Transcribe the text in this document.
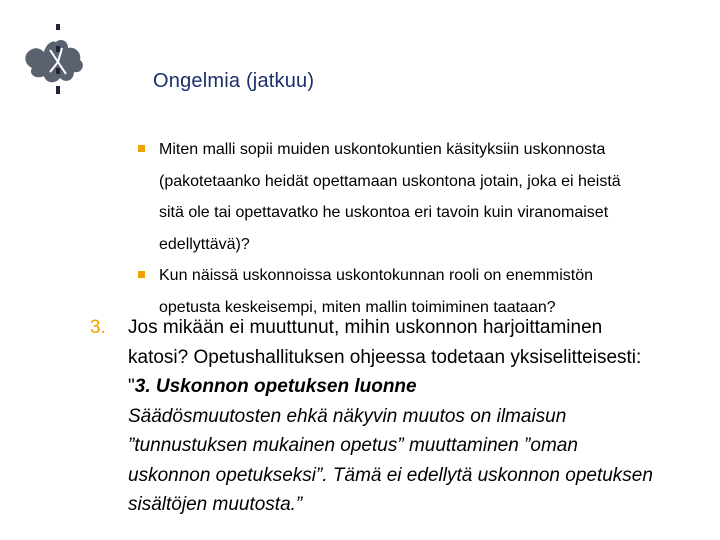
Ongelmia (jatkuu)
Miten malli sopii muiden uskontokuntien käsityksiin uskonnosta
(pakotetaanko heidät opettamaan uskontona jotain, joka ei heistä
sitä ole tai opettavatko he uskontoa eri tavoin kuin viranomaiset
edellyttävä)?
Kun näissä uskonnoissa uskontokunnan rooli on enemmistön
opetusta keskeisempi, miten mallin toimiminen taataan?
3. Jos mikään ei muuttunut, mihin uskonnon harjoittaminen
katosi? Opetushallituksen ohjeessa todetaan yksiselitteisesti:
"3. Uskonnon opetuksen luonne
Säädösmuutosten ehkä näkyvin muutos on ilmaisun
”tunnustuksen mukainen opetus” muuttaminen ”oman
uskonnon opetukseksi”. Tämä ei edellytä uskonnon opetuksen
sisältöjen muutosta.”
